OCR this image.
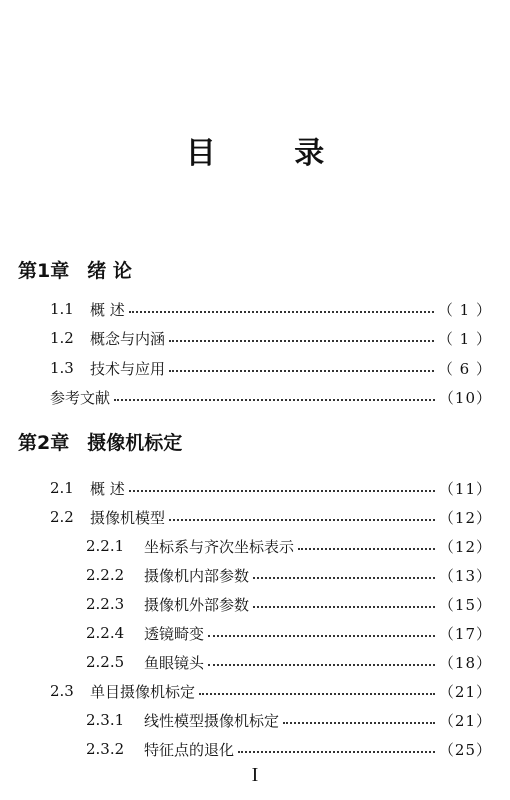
目 录
第1章 绪 论
1.1	概 述	（ 1 ）
1.2	概念与内涵	（ 1 ）
1.3	技术与应用	（ 6 ）
参考文献	（10）
第2章 摄像机标定
2.1	概 述	（11）
2.2	摄像机模型	（12）
2.2.1	坐标系与齐次坐标表示	（12）
2.2.2	摄像机内部参数	（13）
2.2.3	摄像机外部参数	（15）
2.2.4	透镜畸变	（17）
2.2.5	鱼眼镜头	（18）
2.3	单目摄像机标定	（21）
2.3.1	线性模型摄像机标定	（21）
2.3.2	特征点的退化	（25）
I
